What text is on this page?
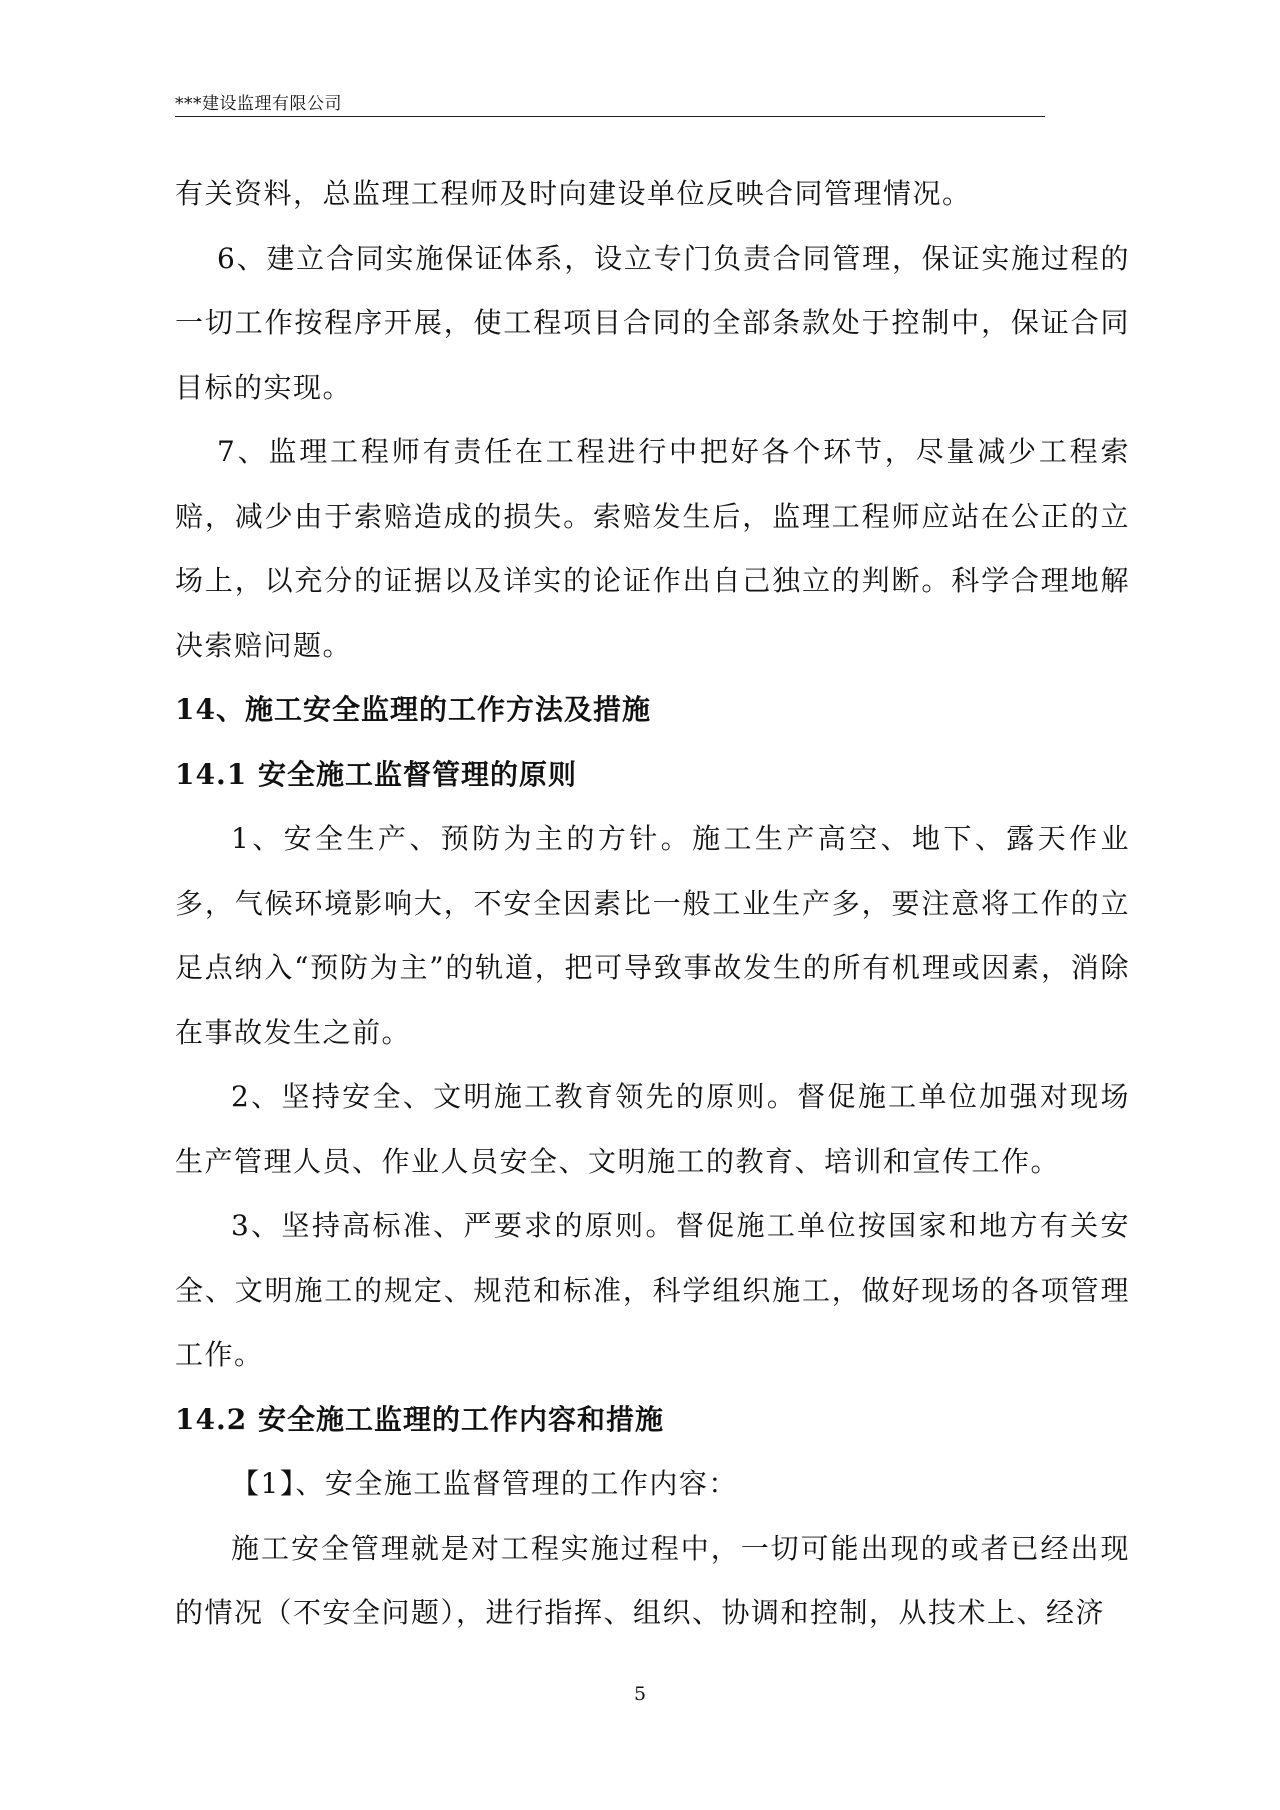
***建设监理有限公司

有关资料，总监理工程师及时向建设单位反映合同管理情况。

6、建立合同实施保证体系，设立专门负责合同管理，保证实施过程的一切工作按程序开展，使工程项目合同的全部条款处于控制中，保证合同目标的实现。

7、监理工程师有责任在工程进行中把好各个环节，尽量减少工程索赔，减少由于索赔造成的损失。索赔发生后，监理工程师应站在公正的立场上，以充分的证据以及详实的论证作出自己独立的判断。科学合理地解决索赔问题。

14、施工安全监理的工作方法及措施

14.1 安全施工监督管理的原则

1、安全生产、预防为主的方针。施工生产高空、地下、露天作业多，气候环境影响大，不安全因素比一般工业生产多，要注意将工作的立足点纳入“预防为主”的轨道，把可导致事故发生的所有机理或因素，消除在事故发生之前。

2、坚持安全、文明施工教育领先的原则。督促施工单位加强对现场生产管理人员、作业人员安全、文明施工的教育、培训和宣传工作。

3、坚持高标准、严要求的原则。督促施工单位按国家和地方有关安全、文明施工的规定、规范和标准，科学组织施工，做好现场的各项管理工作。

14.2 安全施工监理的工作内容和措施

【1】、安全施工监督管理的工作内容：

施工安全管理就是对工程实施过程中，一切可能出现的或者已经出现的情况（不安全问题），进行指挥、组织、协调和控制，从技术上、经济

5
